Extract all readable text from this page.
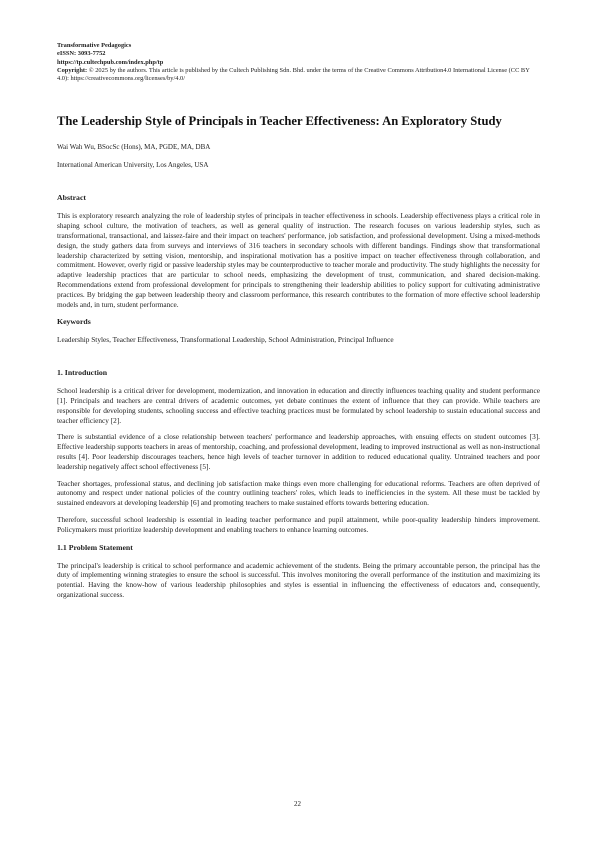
Transformative Pedagogics
eISSN: 3093-7752
https://tp.cultechpub.com/index.php/tp
Copyright: © 2025 by the authors. This article is published by the Cultech Publishing Sdn. Bhd. under the terms of the Creative Commons Attribution4.0 International License (CC BY 4.0): https://creativecommons.org/licenses/by/4.0/
The Leadership Style of Principals in Teacher Effectiveness: An Exploratory Study
Wai Wah Wu, BSocSc (Hons), MA, PGDE, MA, DBA
International American University, Los Angeles, USA
Abstract
This is exploratory research analyzing the role of leadership styles of principals in teacher effectiveness in schools. Leadership effectiveness plays a critical role in shaping school culture, the motivation of teachers, as well as general quality of instruction. The research focuses on various leadership styles, such as transformational, transactional, and laissez-faire and their impact on teachers' performance, job satisfaction, and professional development. Using a mixed-methods design, the study gathers data from surveys and interviews of 316 teachers in secondary schools with different bandings. Findings show that transformational leadership characterized by setting vision, mentorship, and inspirational motivation has a positive impact on teacher effectiveness through collaboration, and commitment. However, overly rigid or passive leadership styles may be counterproductive to teacher morale and productivity. The study highlights the necessity for adaptive leadership practices that are particular to school needs, emphasizing the development of trust, communication, and shared decision-making. Recommendations extend from professional development for principals to strengthening their leadership abilities to policy support for cultivating administrative practices. By bridging the gap between leadership theory and classroom performance, this research contributes to the formation of more effective school leadership models and, in turn, student performance.
Keywords
Leadership Styles, Teacher Effectiveness, Transformational Leadership, School Administration, Principal Influence
1. Introduction
School leadership is a critical driver for development, modernization, and innovation in education and directly influences teaching quality and student performance [1]. Principals and teachers are central drivers of academic outcomes, yet debate continues the extent of influence that they can provide. While teachers are responsible for developing students, schooling success and effective teaching practices must be formulated by school leadership to sustain educational success and teacher efficiency [2].
There is substantial evidence of a close relationship between teachers' performance and leadership approaches, with ensuing effects on student outcomes [3]. Effective leadership supports teachers in areas of mentorship, coaching, and professional development, leading to improved instructional as well as non-instructional results [4]. Poor leadership discourages teachers, hence high levels of teacher turnover in addition to reduced educational quality. Untrained teachers and poor leadership negatively affect school effectiveness [5].
Teacher shortages, professional status, and declining job satisfaction make things even more challenging for educational reforms. Teachers are often deprived of autonomy and respect under national policies of the country outlining teachers' roles, which leads to inefficiencies in the system. All these must be tackled by sustained endeavors at developing leadership [6] and promoting teachers to make sustained efforts towards bettering education.
Therefore, successful school leadership is essential in leading teacher performance and pupil attainment, while poor-quality leadership hinders improvement. Policymakers must prioritize leadership development and enabling teachers to enhance learning outcomes.
1.1 Problem Statement
The principal's leadership is critical to school performance and academic achievement of the students. Being the primary accountable person, the principal has the duty of implementing winning strategies to ensure the school is successful. This involves monitoring the overall performance of the institution and maximizing its potential. Having the know-how of various leadership philosophies and styles is essential in influencing the effectiveness of educators and, consequently, organizational success.
22
